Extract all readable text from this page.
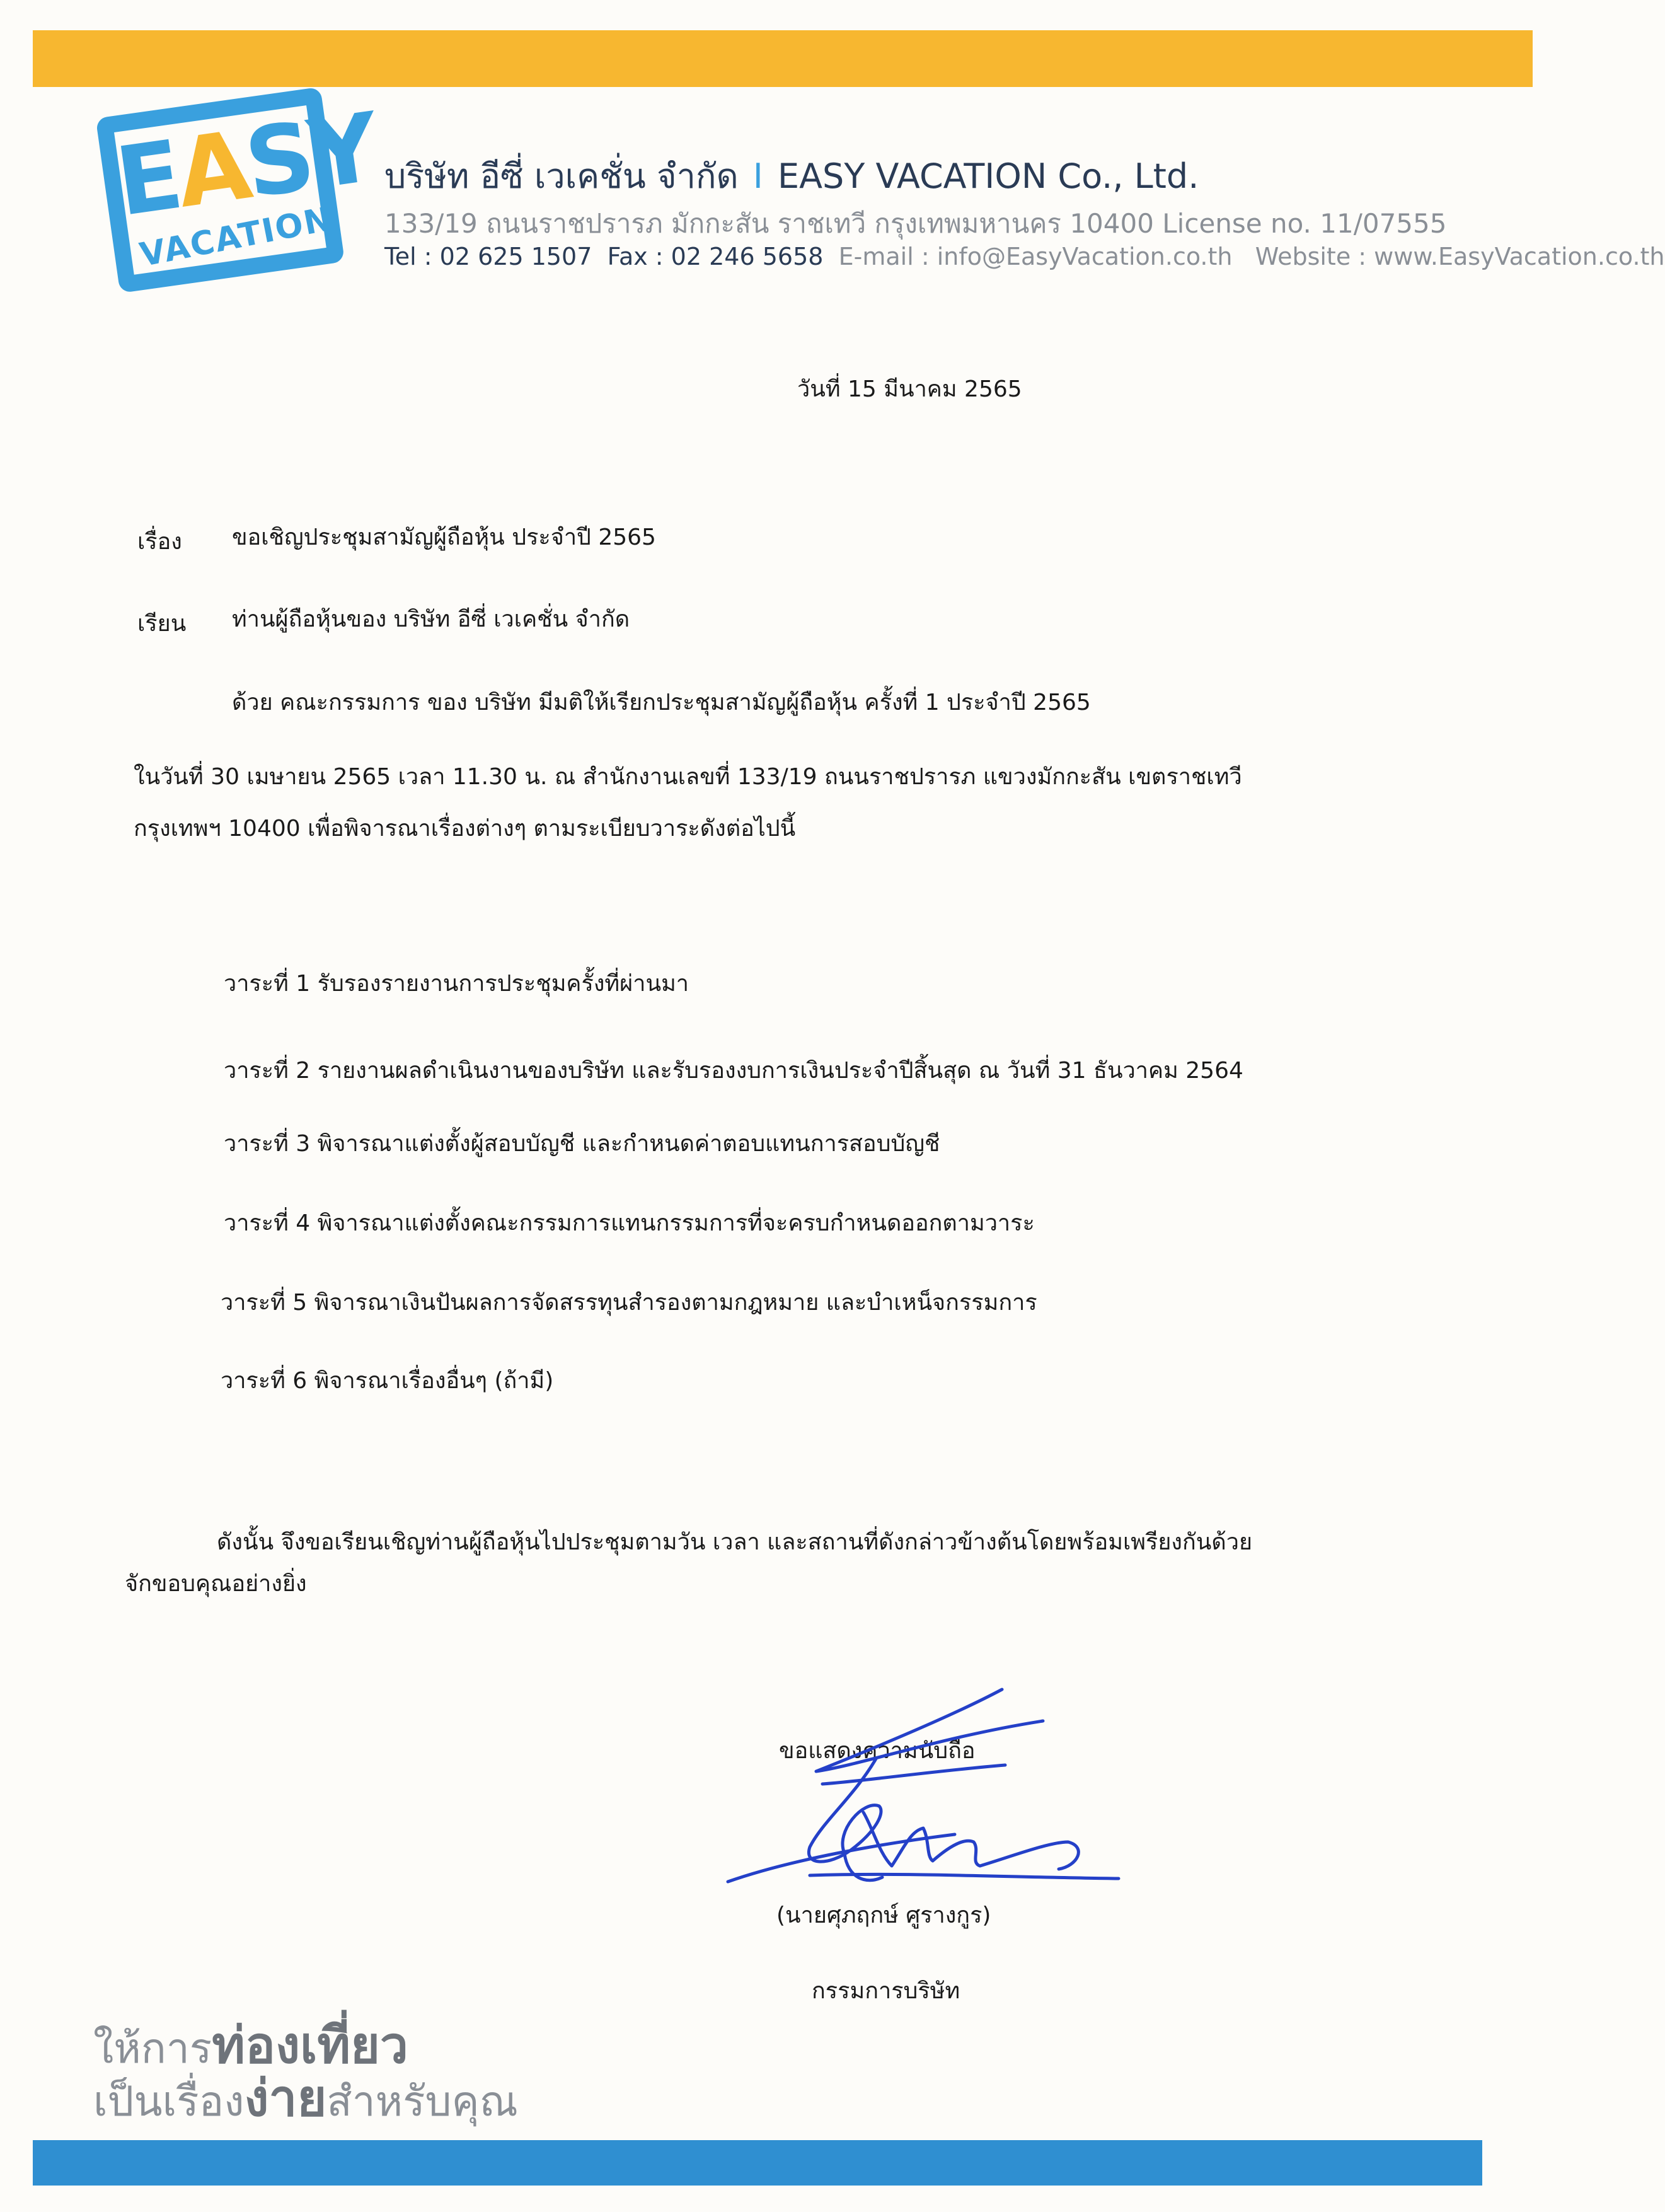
EASY
VACATION
บริษัท อีซี่ เวเคชั่น จำกัด I EASY VACATION Co., Ltd.
133/19 ถนนราชปรารภ มักกะสัน ราชเทวี กรุงเทพมหานคร 10400 License no. 11/07555
Tel : 02 625 1507 Fax : 02 246 5658 E-mail : info@EasyVacation.co.th Website : www.EasyVacation.co.th
วันที่ 15 มีนาคม 2565
เรื่อง ขอเชิญประชุมสามัญผู้ถือหุ้น ประจำปี 2565
เรียน ท่านผู้ถือหุ้นของ บริษัท อีซี่ เวเคชั่น จำกัด
ด้วย คณะกรรมการ ของ บริษัท มีมติให้เรียกประชุมสามัญผู้ถือหุ้น ครั้งที่ 1 ประจำปี 2565
ในวันที่ 30 เมษายน 2565 เวลา 11.30 น. ณ สำนักงานเลขที่ 133/19 ถนนราชปรารภ แขวงมักกะสัน เขตราชเทวี
กรุงเทพฯ 10400 เพื่อพิจารณาเรื่องต่างๆ ตามระเบียบวาระดังต่อไปนี้
วาระที่ 1 รับรองรายงานการประชุมครั้งที่ผ่านมา
วาระที่ 2 รายงานผลดำเนินงานของบริษัท และรับรองงบการเงินประจำปีสิ้นสุด ณ วันที่ 31 ธันวาคม 2564
วาระที่ 3 พิจารณาแต่งตั้งผู้สอบบัญชี และกำหนดค่าตอบแทนการสอบบัญชี
วาระที่ 4 พิจารณาแต่งตั้งคณะกรรมการแทนกรรมการที่จะครบกำหนดออกตามวาระ
วาระที่ 5 พิจารณาเงินปันผลการจัดสรรทุนสำรองตามกฎหมาย และบำเหน็จกรรมการ
วาระที่ 6 พิจารณาเรื่องอื่นๆ (ถ้ามี)
ดังนั้น จึงขอเรียนเชิญท่านผู้ถือหุ้นไปประชุมตามวัน เวลา และสถานที่ดังกล่าวข้างต้นโดยพร้อมเพรียงกันด้วย
จักขอบคุณอย่างยิ่ง
ขอแสดงความนับถือ
(นายศุภฤกษ์ ศูรางกูร)
กรรมการบริษัท
ให้การท่องเที่ยว
เป็นเรื่องง่ายสำหรับคุณ
